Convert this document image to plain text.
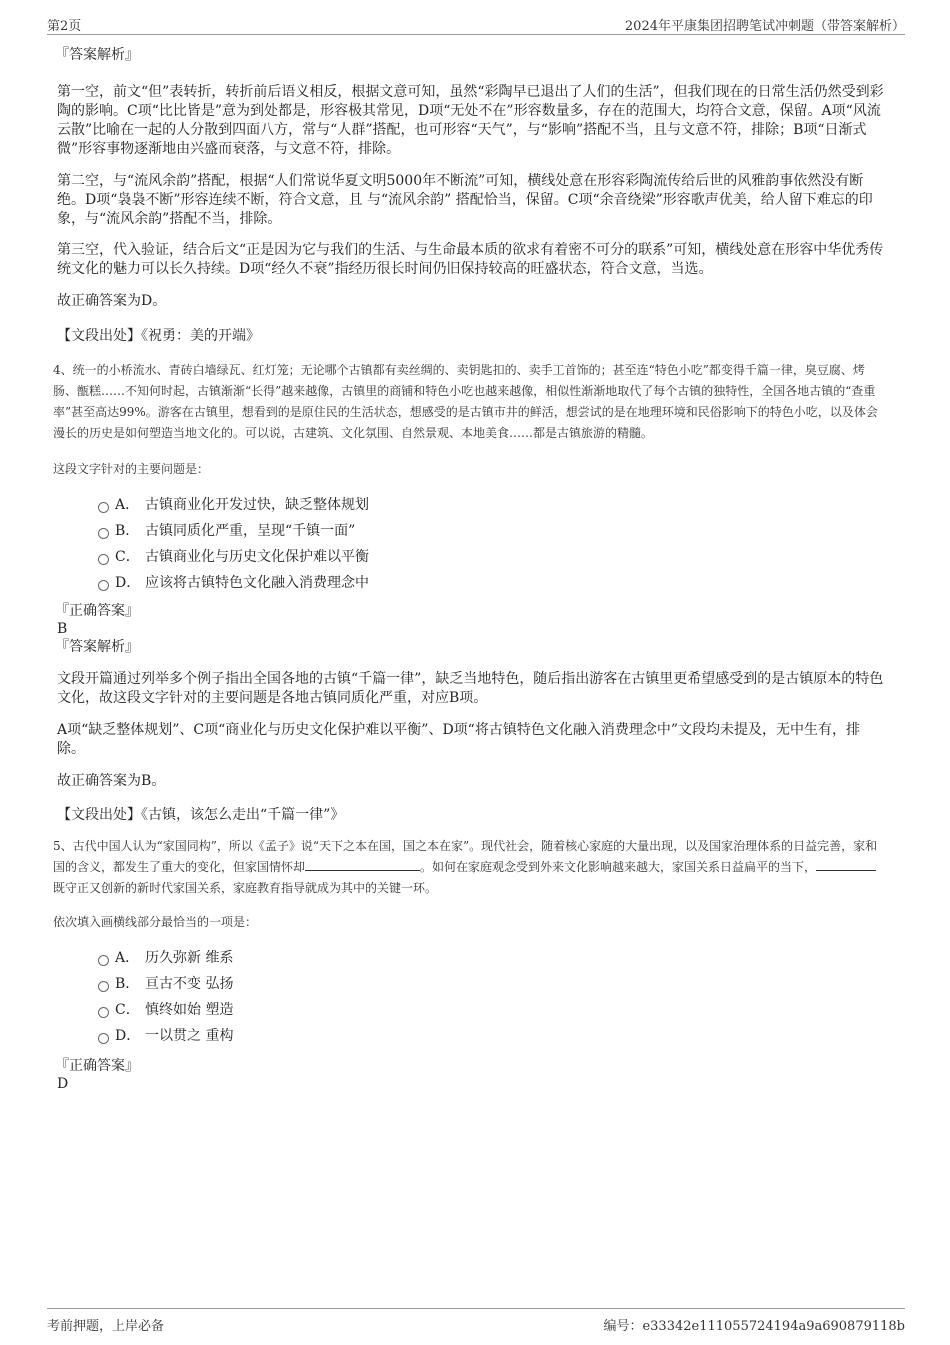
第2页	2024年平康集团招聘笔试冲刺题（带答案解析）
『答案解析』

第一空，前文“但”表转折，转折前后语义相反，根据文意可知，虽然“彩陶早已退出了人们的生活”，但我们现在的日常生活仍然受到彩陶的影响。C项“比比皆是”意为到处都是，形容极其常见，D项“无处不在”形容数量多，存在的范围大，均符合文意，保留。A项“风流云散”比喻在一起的人分散到四面八方，常与“人群”搭配，也可形容“天气”，与“影响”搭配不当，且与文意不符，排除；B项“日渐式微”形容事物逐渐地由兴盛而衰落，与文意不符，排除。

第二空，与“流风余韵”搭配，根据“人们常说华夏文明5000年不断流”可知，横线处意在形容彩陶流传给后世的风雅韵事依然没有断绝。D项“袅袅不断”形容连续不断，符合文意，且 与“流风余韵” 搭配恰当，保留。C项“余音绕梁”形容歌声优美，给人留下难忘的印象，与“流风余韵”搭配不当，排除。

第三空，代入验证，结合后文“正是因为它与我们的生活、与生命最本质的欲求有着密不可分的联系”可知，横线处意在形容中华优秀传统文化的魅力可以长久持续。D项“经久不衰”指经历很长时间仍旧保持较高的旺盛状态，符合文意，当选。

故正确答案为D。

【文段出处】《祝勇：美的开端》

4、统一的小桥流水、青砖白墙绿瓦、红灯笼；无论哪个古镇都有卖丝绸的、卖钥匙扣的、卖手工首饰的；甚至连“特色小吃”都变得千篇一律，臭豆腐、烤肠、甑糕……不知何时起，古镇渐渐“长得”越来越像，古镇里的商铺和特色小吃也越来越像，相似性渐渐地取代了每个古镇的独特性，全国各地古镇的“查重率”甚至高达99%。游客在古镇里，想看到的是原住民的生活状态，想感受的是古镇市井的鲜活，想尝试的是在地理环境和民俗影响下的特色小吃，以及体会漫长的历史是如何塑造当地文化的。可以说，古建筑、文化氛围、自然景观、本地美食……都是古镇旅游的精髓。

这段文字针对的主要问题是：

A． 古镇商业化开发过快，缺乏整体规划
B． 古镇同质化严重，呈现“千镇一面”
C． 古镇商业化与历史文化保护难以平衡
D． 应该将古镇特色文化融入消费理念中
『正确答案』
B
『答案解析』

文段开篇通过列举多个例子指出全国各地的古镇“千篇一律”，缺乏当地特色，随后指出游客在古镇里更希望感受到的是古镇原本的特色文化，故这段文字针对的主要问题是各地古镇同质化严重，对应B项。

A项“缺乏整体规划”、C项“商业化与历史文化保护难以平衡”、D项“将古镇特色文化融入消费理念中”文段均未提及，无中生有，排除。

故正确答案为B。

【文段出处】《古镇，该怎么走出“千篇一律”》

5、古代中国人认为“家国同构”，所以《孟子》说“天下之本在国，国之本在家”。现代社会，随着核心家庭的大量出现，以及国家治理体系的日益完善，家和国的含义，都发生了重大的变化，但家国情怀却	。如何在家庭观念受到外来文化影响越来越大，家国关系日益扁平的当下，既守正又创新的新时代家国关系，家庭教育指导就成为其中的关键一环。

依次填入画横线部分最恰当的一项是：

A． 历久弥新 维系
B． 亘古不变 弘扬
C． 慎终如始 塑造
D． 一以贯之 重构
『正确答案』
D
考前押题，上岸必备	编号：e33342e111055724194a9a690879118b
